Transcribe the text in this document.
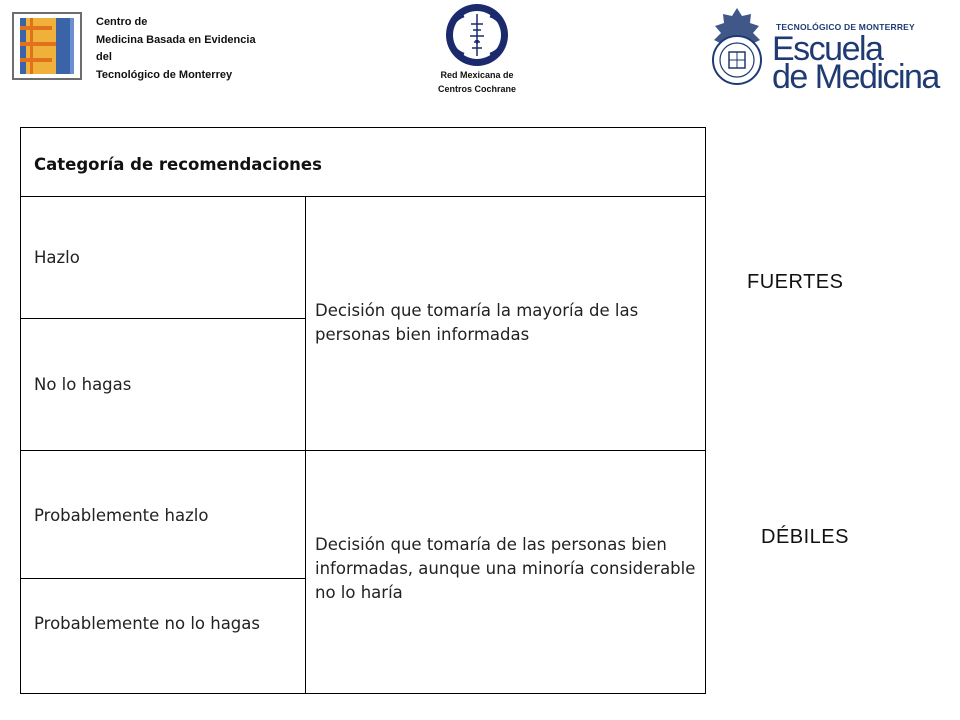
Centro de
Medicina Basada en Evidencia
del
Tecnológico de Monterrey	Red Mexicana de
Centros Cochrane
TECNOLÓGICO DE MONTERREY
Escuela
de Medicina
Categoría de recomendaciones
Hazlo
No lo hagas
Probablemente hazlo
Probablemente no lo hagas
Decisión que tomaría la mayoría de las personas bien informadas
Decisión que tomaría de las personas bien informadas, aunque una minoría considerable no lo haría
FUERTES
DÉBILES
